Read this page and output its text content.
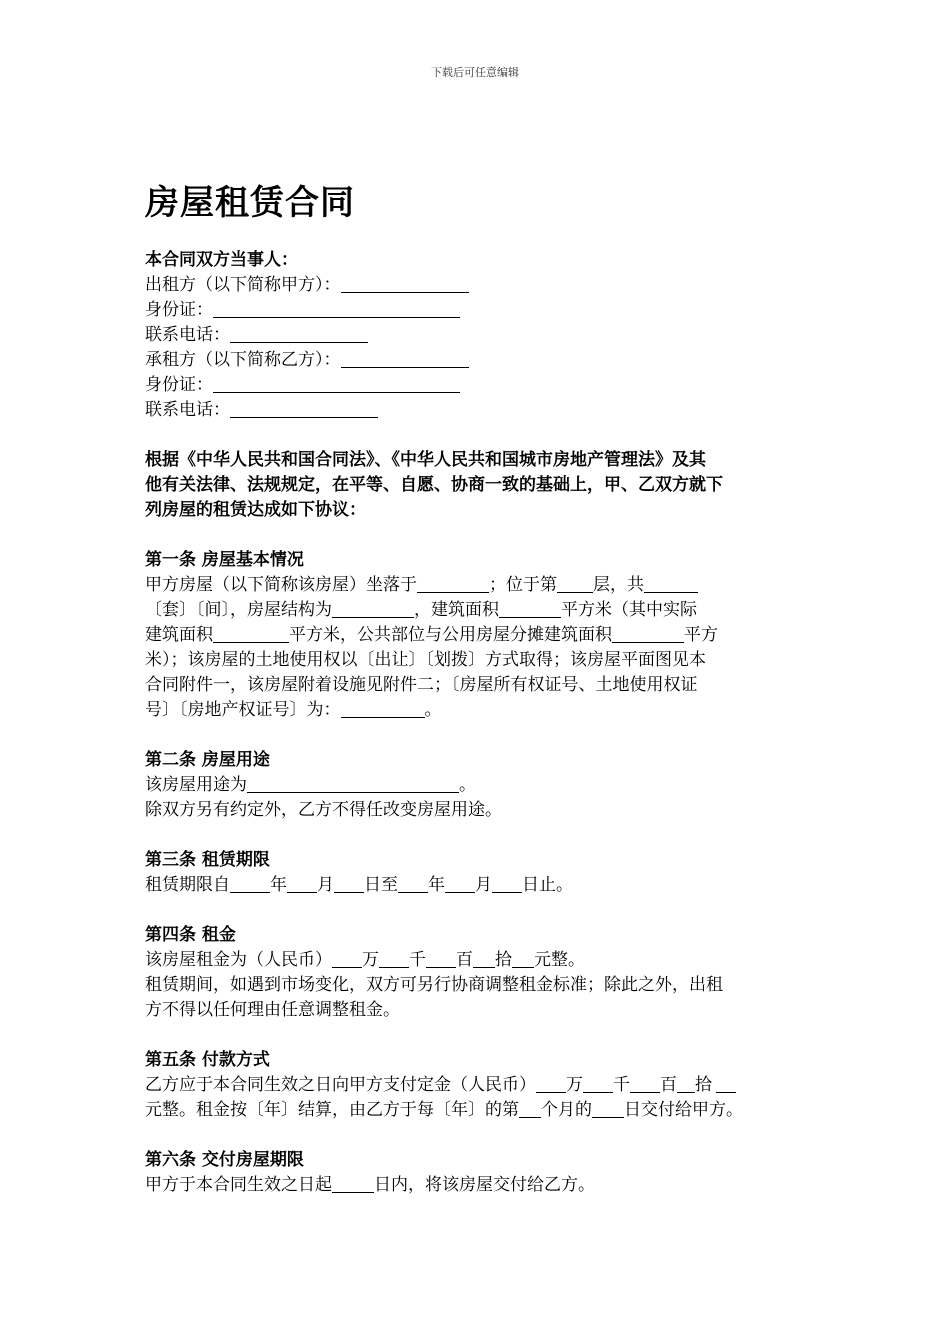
下载后可任意编辑
房屋租赁合同
本合同双方当事人：
出租方（以下简称甲方）：
身份证：
联系电话：
承租方（以下简称乙方）：
身份证：
联系电话：
根据《中华人民共和国合同法》、《中华人民共和国城市房地产管理法》及其
他有关法律、法规规定，在平等、自愿、协商一致的基础上，甲、乙双方就下
列房屋的租赁达成如下协议：
第一条 房屋基本情况
甲方房屋（以下简称该房屋）坐落于	；位于第 层，共
〔套〕〔间〕，房屋结构为	，建筑面积	平方米（其中实际
建筑面积	平方米，公共部位与公用房屋分摊建筑面积	平方
米）；该房屋的土地使用权以〔出让〕〔划拨〕方式取得；该房屋平面图见本
合同附件一，该房屋附着设施见附件二；〔房屋所有权证号、土地使用权证
号〕〔房地产权证号〕为：	。
第二条 房屋用途
该房屋用途为	。
除双方另有约定外，乙方不得任改变房屋用途。
第三条 租赁期限
租赁期限自 年 月 日至 年 月 日止。
第四条 租金
该房屋租金为（人民币） 万 千 百 拾 元整。
租赁期间，如遇到市场变化，双方可另行协商调整租金标准；除此之外，出租
方不得以任何理由任意调整租金。
第五条 付款方式
乙方应于本合同生效之日向甲方支付定金（人民币） 万 千 百 拾
元整。租金按〔年〕结算，由乙方于每〔年〕的第 个月的 日交付给甲方。
第六条 交付房屋期限
甲方于本合同生效之日起 日内，将该房屋交付给乙方。
